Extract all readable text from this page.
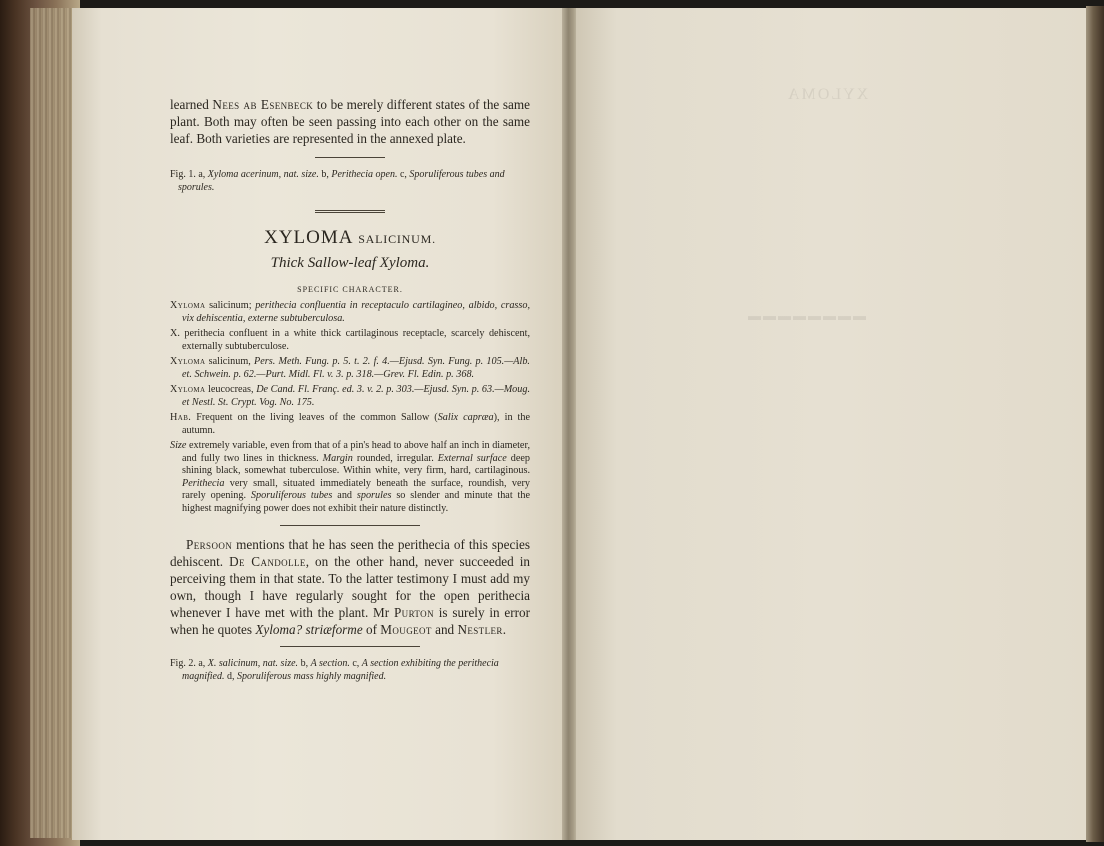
XYLOMA
▬▬▬▬▬▬▬▬

learned Nees ab Esenbeck to be merely different states of the same plant. Both may often be seen passing into each other on the same leaf. Both varieties are represented in the annexed plate.

Fig. 1. a, Xyloma acerinum, nat. size. b, Perithecia open. c, Sporuliferous tubes and sporules.

XYLOMA SALICINUM.
Thick Sallow-leaf Xyloma.
SPECIFIC CHARACTER.

Xyloma salicinum; perithecia confluentia in receptaculo cartilagineo, albido, crasso, vix dehiscentia, externe subtuberculosa.

X. perithecia confluent in a white thick cartilaginous receptacle, scarcely dehiscent, externally subtuberculose.

Xyloma salicinum, Pers. Meth. Fung. p. 5. t. 2. f. 4.—Ejusd. Syn. Fung. p. 105.—Alb. et. Schwein. p. 62.—Purt. Midl. Fl. v. 3. p. 318.—Grev. Fl. Edin. p. 368.

Xyloma leucocreas, De Cand. Fl. Franç. ed. 3. v. 2. p. 303.—Ejusd. Syn. p. 63.—Moug. et Nestl. St. Crypt. Vog. No. 175.

Hab. Frequent on the living leaves of the common Sallow (Salix capræa), in the autumn.

Size extremely variable, even from that of a pin's head to above half an inch in diameter, and fully two lines in thickness. Margin rounded, irregular. External surface deep shining black, somewhat tuberculose. Within white, very firm, hard, cartilaginous. Perithecia very small, situated immediately beneath the surface, roundish, very rarely opening. Sporuliferous tubes and sporules so slender and minute that the highest magnifying power does not exhibit their nature distinctly.

Persoon mentions that he has seen the perithecia of this species dehiscent. De Candolle, on the other hand, never succeeded in perceiving them in that state. To the latter testimony I must add my own, though I have regularly sought for the open perithecia whenever I have met with the plant. Mr Purton is surely in error when he quotes Xyloma? striæforme of Mougeot and Nestler.

Fig. 2. a, X. salicinum, nat. size. b, A section. c, A section exhibiting the perithecia magnified. d, Sporuliferous mass highly magnified.
